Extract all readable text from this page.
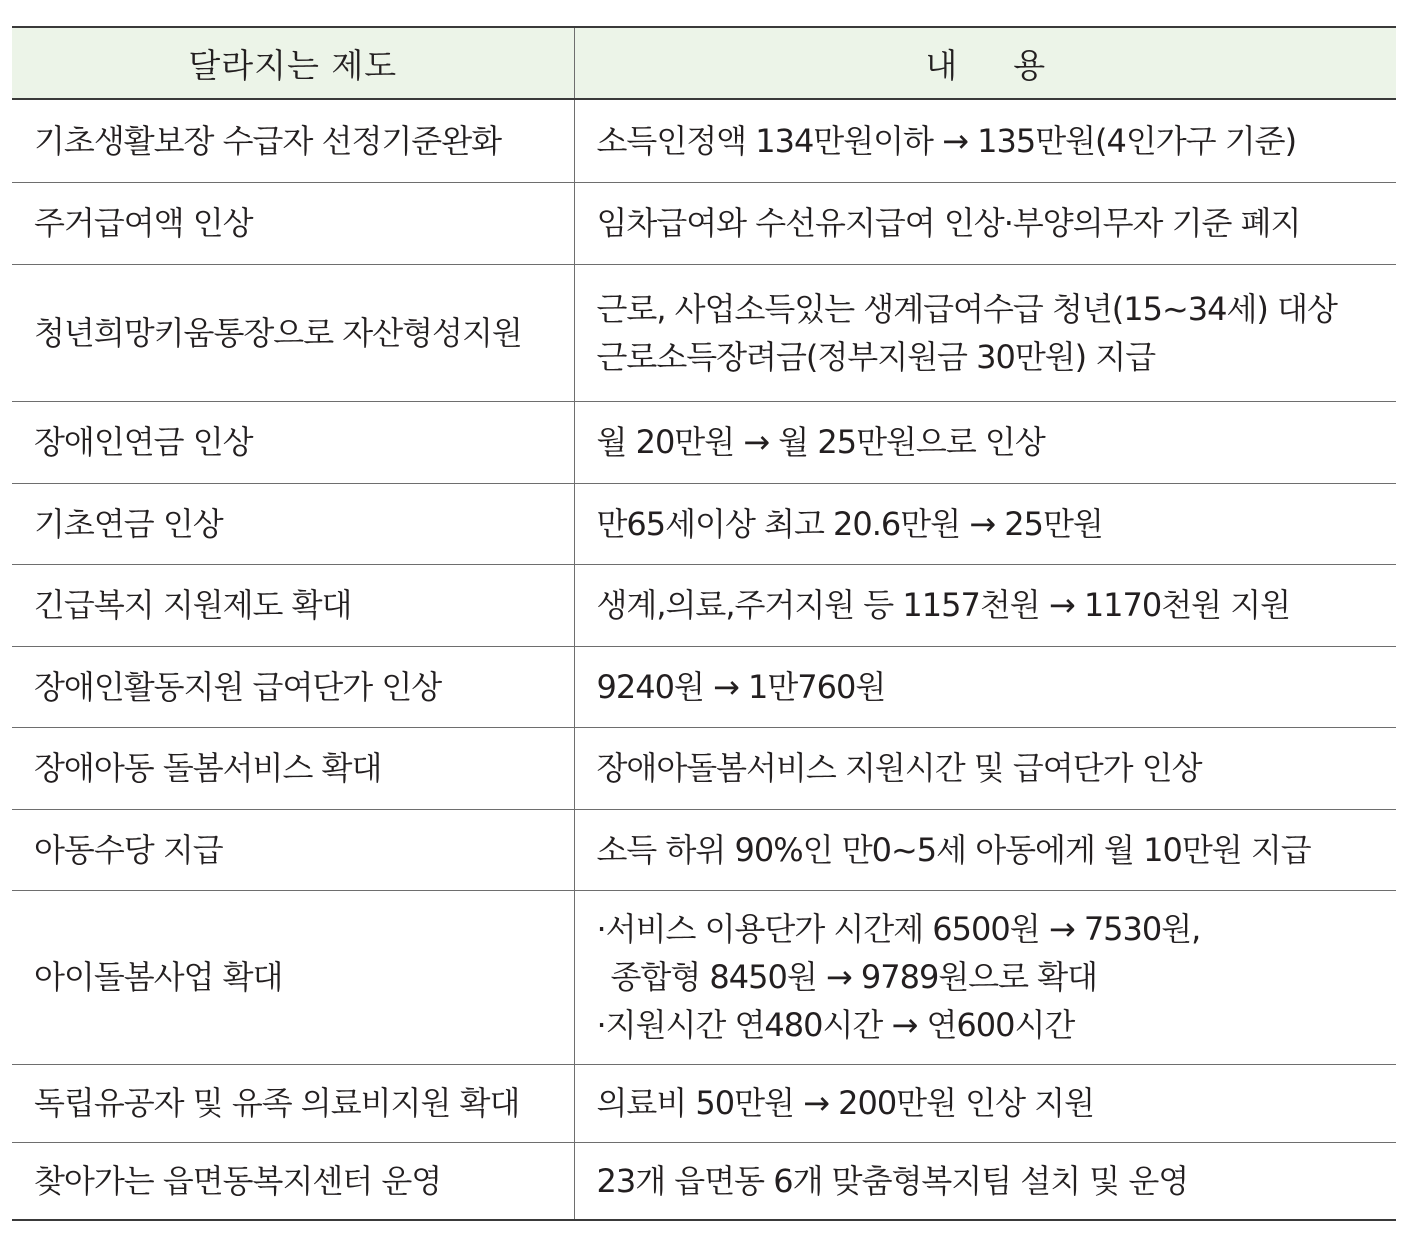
달라지는 제도	내용
기초생활보장 수급자 선정기준완화	소득인정액 134만원이하 → 135만원(4인가구 기준)

주거급여액 인상	임차급여와 수선유지급여 인상·부양의무자 기준 폐지

청년희망키움통장으로 자산형성지원	근로, 사업소득있는 생계급여수급 청년(15~34세) 대상
근로소득장려금(정부지원금 30만원) 지급

장애인연금 인상	월 20만원 → 월 25만원으로 인상

기초연금 인상	만65세이상 최고 20.6만원 → 25만원

긴급복지 지원제도 확대	생계,의료,주거지원 등 1157천원 → 1170천원 지원

장애인활동지원 급여단가 인상	9240원 → 1만760원

장애아동 돌봄서비스 확대	장애아돌봄서비스 지원시간 및 급여단가 인상

아동수당 지급	소득 하위 90%인 만0~5세 아동에게 월 10만원 지급

아이돌봄사업 확대	·서비스 이용단가 시간제 6500원 → 7530원,
종합형 8450원 → 9789원으로 확대
·지원시간 연480시간 → 연600시간

독립유공자 및 유족 의료비지원 확대	의료비 50만원 → 200만원 인상 지원

찾아가는 읍면동복지센터 운영	23개 읍면동 6개 맞춤형복지팀 설치 및 운영
